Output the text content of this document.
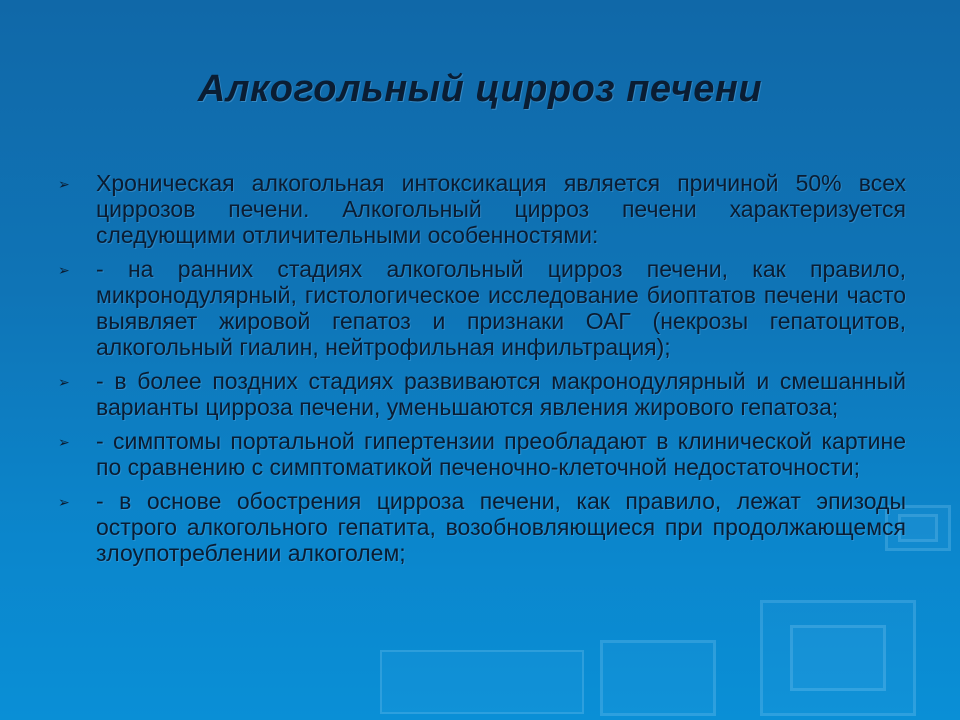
Алкогольный цирроз печени
➢	Хроническая алкогольная интоксикация является причиной 50% всех циррозов печени. Алкогольный цирроз печени характеризуется следующими отличительными особенностями:
➢	- на ранних стадиях алкогольный цирроз печени, как правило, микронодулярный, гистологическое исследование биоптатов печени часто выявляет жировой гепатоз и признаки ОАГ (некрозы гепатоцитов, алкогольный гиалин, нейтрофильная инфильтрация);
➢	- в более поздних стадиях развиваются макронодулярный и смешанный варианты цирроза печени, уменьшаются явления жирового гепатоза;
➢	- симптомы портальной гипертензии преобладают в клинической картине по сравнению с симптоматикой печеночно-клеточной недостаточности;
➢	- в основе обострения цирроза печени, как правило, лежат эпизоды острого алкогольного гепатита, возобновляющиеся при продолжающемся злоупотреблении алкоголем;
